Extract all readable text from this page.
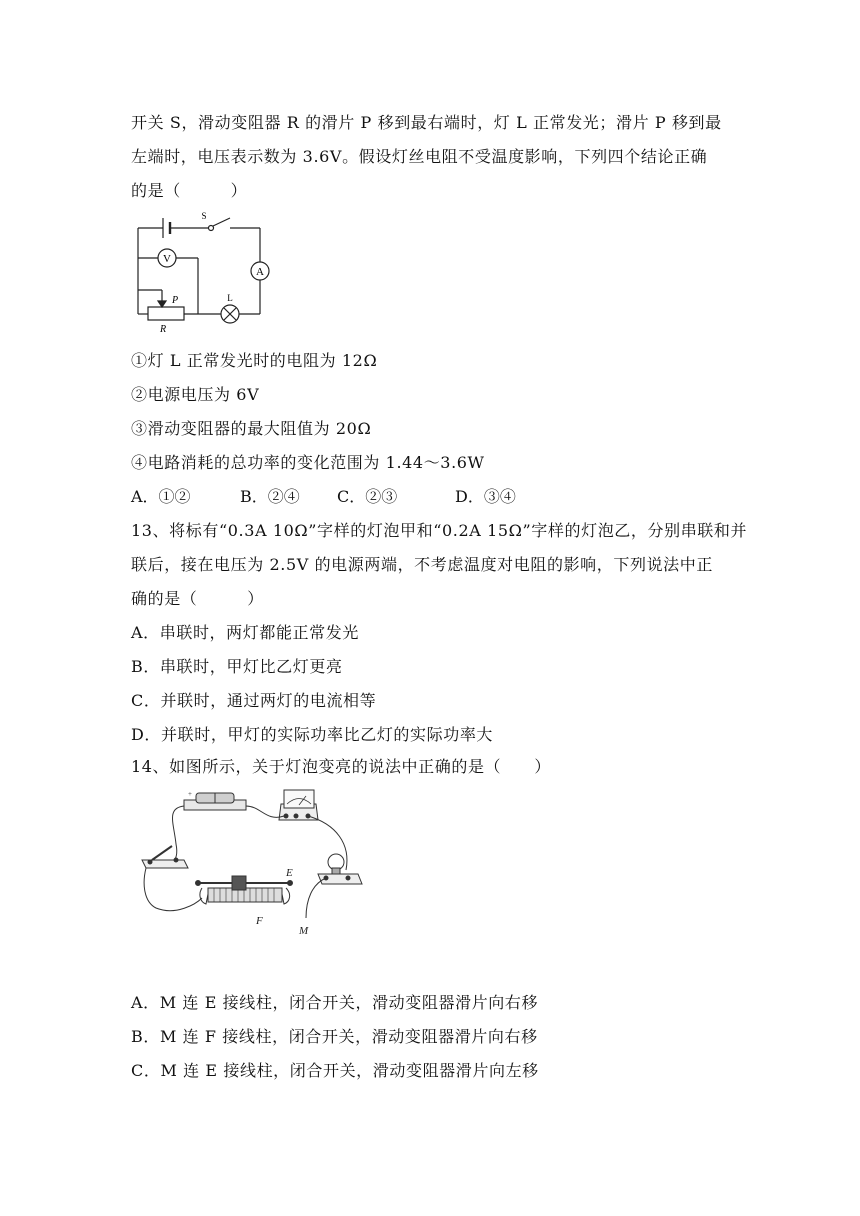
开关 S，滑动变阻器 R 的滑片 P 移到最右端时，灯 L 正常发光；滑片 P 移到最
左端时，电压表示数为 3.6V。假设灯丝电阻不受温度影响，下列四个结论正确
的是（　　　）
S
V
A
L
P
R
①灯 L 正常发光时的电阻为 12Ω
②电源电压为 6V
③滑动变阻器的最大阻值为 20Ω
④电路消耗的总功率的变化范围为 1.44～3.6W
A．①②	B．②④ C．②③	D．③④
13、将标有“0.3A 10Ω”字样的灯泡甲和“0.2A 15Ω”字样的灯泡乙，分别串联和并
联后，接在电压为 2.5V 的电源两端，不考虑温度对电阻的影响，下列说法中正
确的是（　　　）
A．串联时，两灯都能正常发光
B．串联时，甲灯比乙灯更亮
C．并联时，通过两灯的电流相等
D．并联时，甲灯的实际功率比乙灯的实际功率大
14、如图所示，关于灯泡变亮的说法中正确的是（　　）
+
E
F
M
A．M 连 E 接线柱，闭合开关，滑动变阻器滑片向右移
B．M 连 F 接线柱，闭合开关，滑动变阻器滑片向右移
C．M 连 E 接线柱，闭合开关，滑动变阻器滑片向左移
